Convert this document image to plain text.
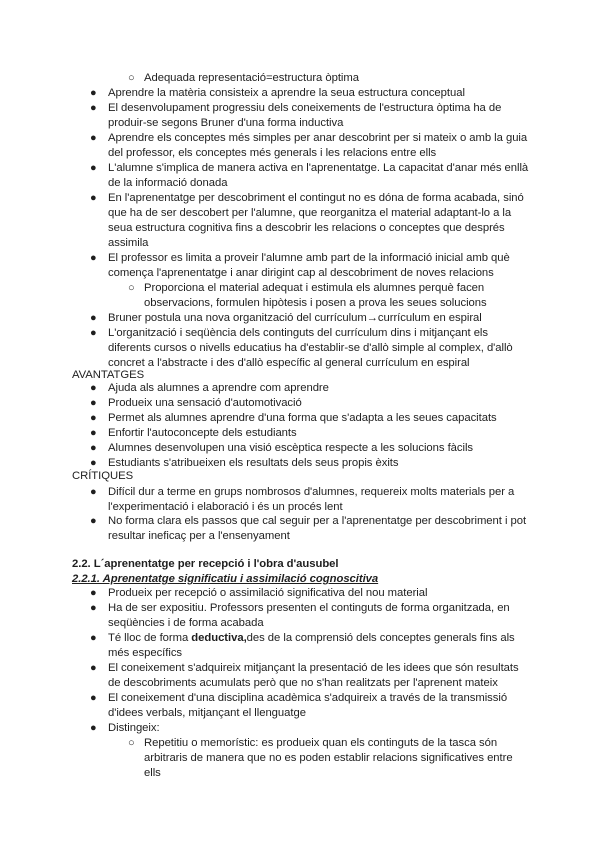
○ Adequada representació=estructura òptima
● Aprendre la matèria consisteix a aprendre la seua estructura conceptual
● El desenvolupament progressiu dels coneixements de l'estructura òptima ha de
produir-se segons Bruner d'una forma inductiva
● Aprendre els conceptes més simples per anar descobrint per si mateix o amb la guia
del professor, els conceptes més generals i les relacions entre ells
● L'alumne s'implica de manera activa en l'aprenentatge. La capacitat d'anar més enllà
de la informació donada
● En l'aprenentatge per descobriment el contingut no es dóna de forma acabada, sinó
que ha de ser descobert per l'alumne, que reorganitza el material adaptant-lo a la
seua estructura cognitiva fins a descobrir les relacions o conceptes que després
assimila
● El professor es limita a proveir l'alumne amb part de la informació inicial amb què
comença l'aprenentatge i anar dirigint cap al descobriment de noves relacions
○ Proporciona el material adequat i estimula els alumnes perquè facen
observacions, formulen hipòtesis i posen a prova les seues solucions
● Bruner postula una nova organització del currículum→currículum en espiral
● L'organització i seqüència dels continguts del currículum dins i mitjançant els
diferents cursos o nivells educatius ha d'establir-se d'allò simple al complex, d'allò
concret a l'abstracte i des d'allò específic al general currículum en espiral
AVANTATGES
● Ajuda als alumnes a aprendre com aprendre
● Produeix una sensació d'automotivació
● Permet als alumnes aprendre d'una forma que s'adapta a les seues capacitats
● Enfortir l'autoconcepte dels estudiants
● Alumnes desenvolupen una visió escèptica respecte a les solucions fàcils
● Estudiants s'atribueixen els resultats dels seus propis èxits
CRÍTIQUES
● Difícil dur a terme en grups nombrosos d'alumnes, requereix molts materials per a
l'experimentació i elaboració i és un procés lent
● No forma clara els passos que cal seguir per a l'aprenentatge per descobriment i pot
resultar ineficaç per a l'ensenyament
2.2. L´aprenentatge per recepció i l'obra d'ausubel
2.2.1. Aprenentatge significatiu i assimilació cognoscitiva
● Produeix per recepció o assimilació significativa del nou material
● Ha de ser expositiu. Professors presenten el continguts de forma organitzada, en
seqüències i de forma acabada
● Té lloc de forma deductiva,des de la comprensió dels conceptes generals fins als
més específics
● El coneixement s'adquireix mitjançant la presentació de les idees que són resultats
de descobriments acumulats però que no s'han realitzats per l'aprenent mateix
● El coneixement d'una disciplina acadèmica s'adquireix a través de la transmissió
d'idees verbals, mitjançant el llenguatge
● Distingeix:
○ Repetitiu o memorístic: es produeix quan els continguts de la tasca són
arbitraris de manera que no es poden establir relacions significatives entre
ells
